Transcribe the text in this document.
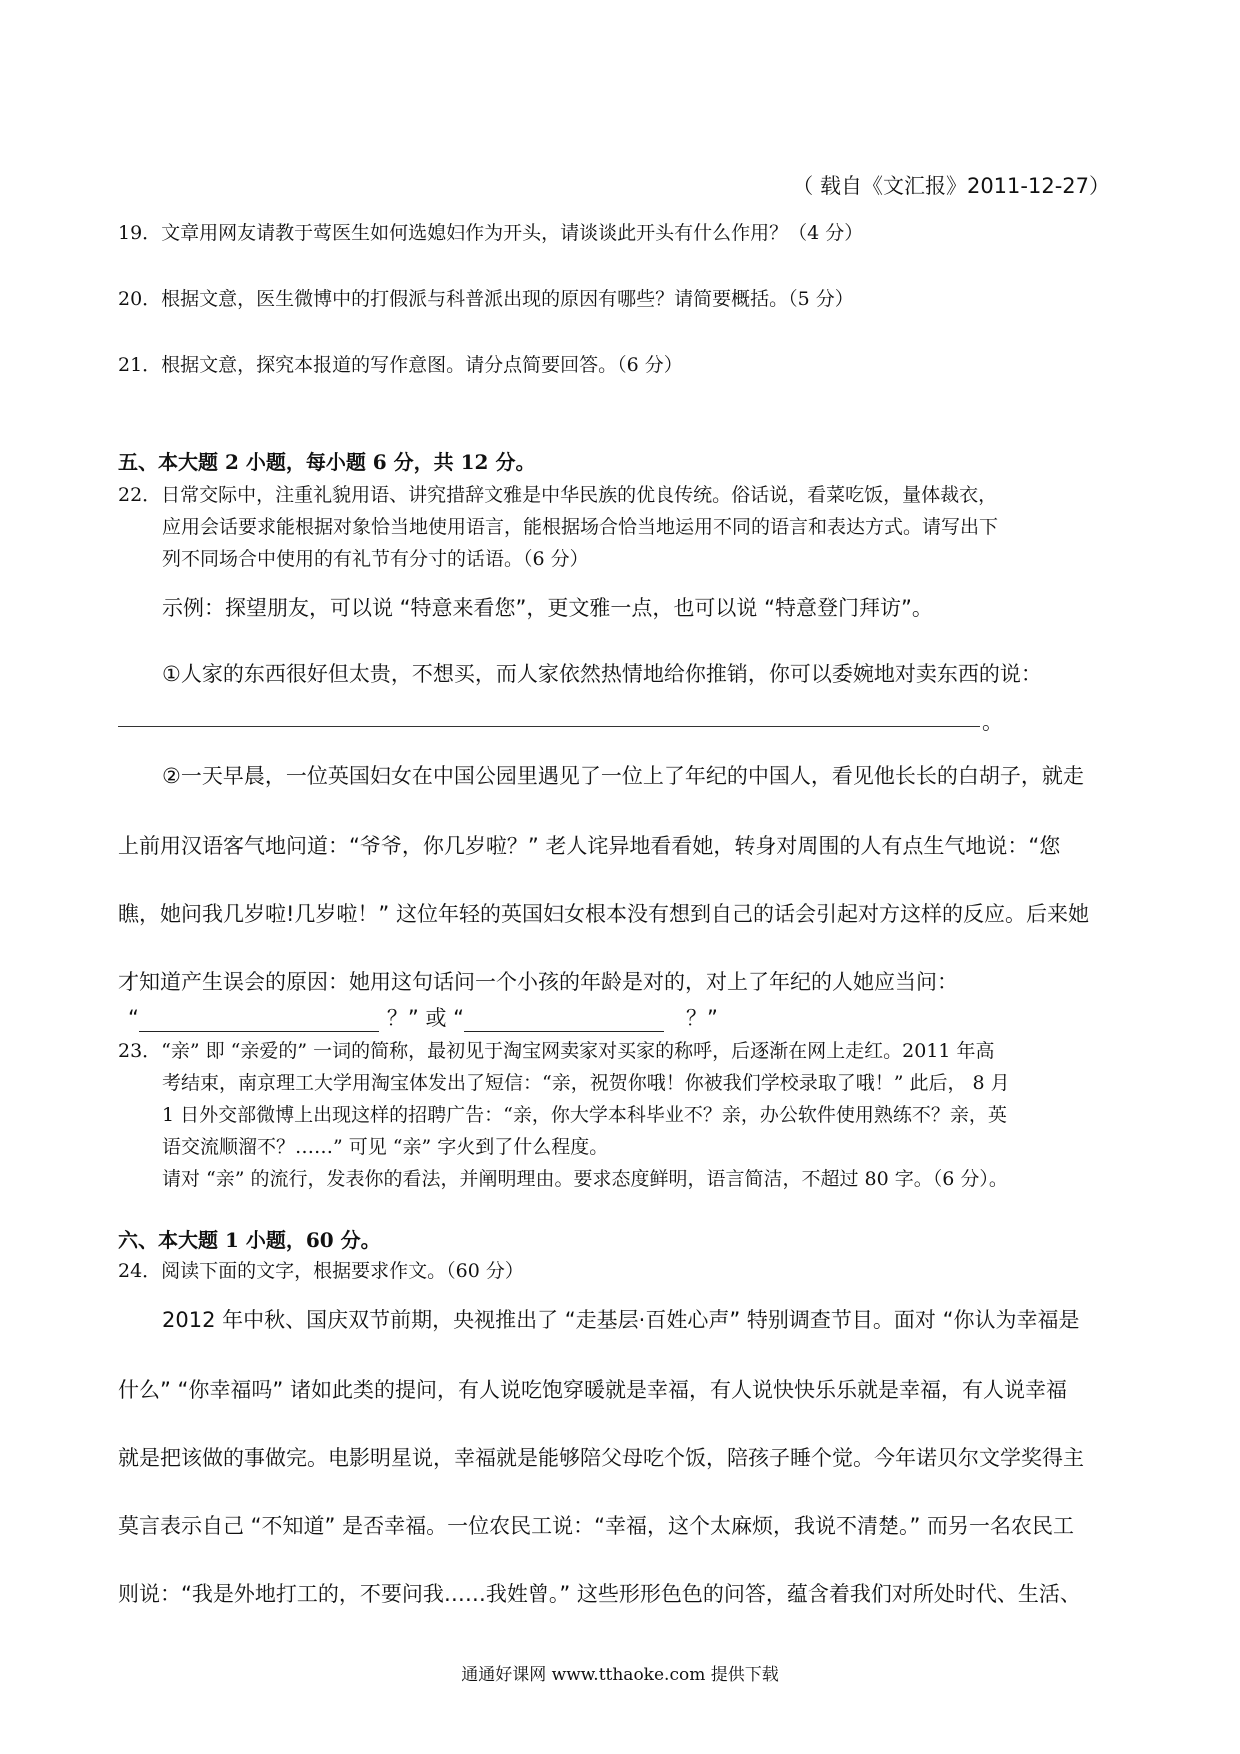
（ 载自《文汇报》2011-12-27）
19．文章用网友请教于莺医生如何选媳妇作为开头，请谈谈此开头有什么作用？（4 分）
20．根据文意，医生微博中的打假派与科普派出现的原因有哪些？请简要概括。（5 分）
21．根据文意，探究本报道的写作意图。请分点简要回答。（6 分）
五、本大题 2 小题，每小题 6 分，共 12 分。
22．日常交际中，注重礼貌用语、讲究措辞文雅是中华民族的优良传统。俗话说，看菜吃饭，量体裁衣，
应用会话要求能根据对象恰当地使用语言，能根据场合恰当地运用不同的语言和表达方式。请写出下
列不同场合中使用的有礼节有分寸的话语。（6 分）
示例：探望朋友，可以说 “特意来看您”，更文雅一点，也可以说 “特意登门拜访”。
①人家的东西很好但太贵，不想买，而人家依然热情地给你推销，你可以委婉地对卖东西的说：
。
②一天早晨，一位英国妇女在中国公园里遇见了一位上了年纪的中国人，看见他长长的白胡子，就走
上前用汉语客气地问道：“爷爷，你几岁啦？” 老人诧异地看看她，转身对周围的人有点生气地说：“您
瞧，她问我几岁啦!几岁啦！” 这位年轻的英国妇女根本没有想到自己的话会引起对方这样的反应。后来她
才知道产生误会的原因：她用这句话问一个小孩的年龄是对的，对上了年纪的人她应当问：
“	？” 或 “	？”
23．“亲” 即 “亲爱的” 一词的简称，最初见于淘宝网卖家对买家的称呼，后逐渐在网上走红。2011 年高
考结束，南京理工大学用淘宝体发出了短信：“亲，祝贺你哦！你被我们学校录取了哦！” 此后， 8 月
1 日外交部微博上出现这样的招聘广告：“亲，你大学本科毕业不？亲，办公软件使用熟练不？亲，英
语交流顺溜不？……” 可见 “亲” 字火到了什么程度。
请对 “亲” 的流行，发表你的看法，并阐明理由。要求态度鲜明，语言简洁，不超过 80 字。（6 分）。
六、本大题 1 小题，60 分。
24．阅读下面的文字，根据要求作文。（60 分）
2012 年中秋、国庆双节前期，央视推出了 “走基层·百姓心声” 特别调查节目。面对 “你认为幸福是
什么” “你幸福吗” 诸如此类的提问，有人说吃饱穿暖就是幸福，有人说快快乐乐就是幸福，有人说幸福
就是把该做的事做完。电影明星说，幸福就是能够陪父母吃个饭，陪孩子睡个觉。今年诺贝尔文学奖得主
莫言表示自己 “不知道” 是否幸福。一位农民工说：“幸福，这个太麻烦，我说不清楚。” 而另一名农民工
则说：“我是外地打工的，不要问我……我姓曾。” 这些形形色色的问答，蕴含着我们对所处时代、生活、
通通好课网 www.tthaoke.com 提供下载
